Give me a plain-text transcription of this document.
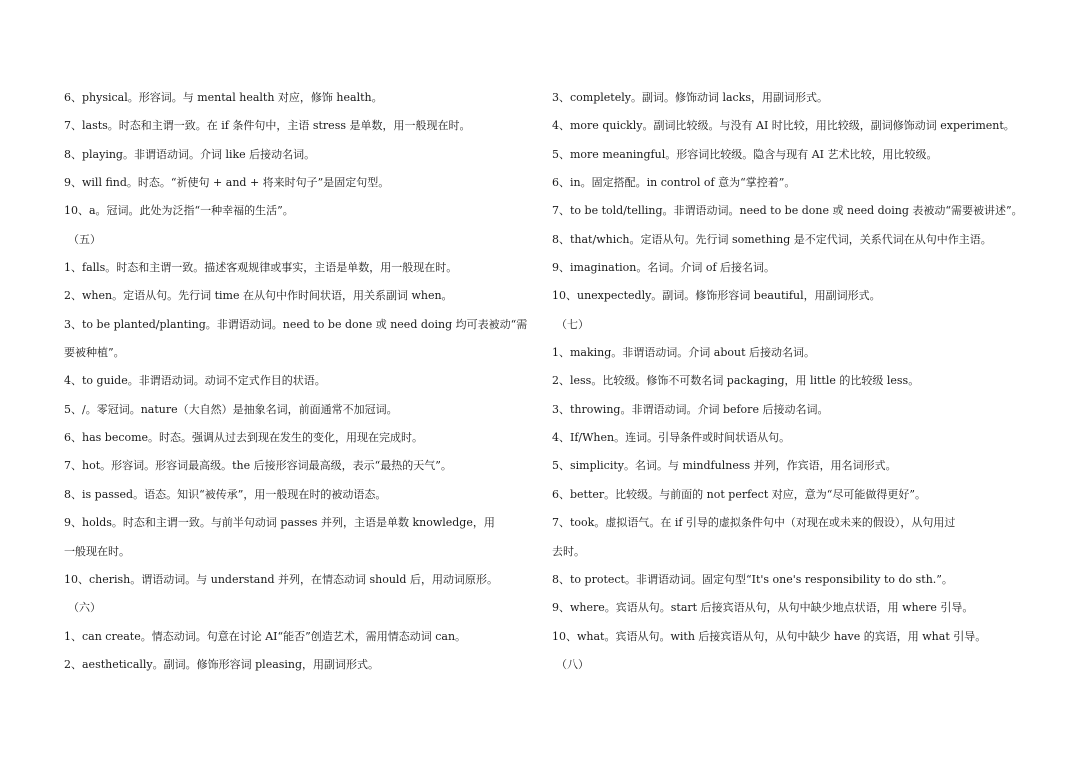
6、physical。形容词。与 mental health 对应，修饰 health。
7、lasts。时态和主谓一致。在 if 条件句中，主语 stress 是单数，用一般现在时。
8、playing。非谓语动词。介词 like 后接动名词。
9、will find。时态。“祈使句 + and + 将来时句子”是固定句型。
10、a。冠词。此处为泛指“一种幸福的生活”。
（五）
1、falls。时态和主谓一致。描述客观规律或事实，主语是单数，用一般现在时。
2、when。定语从句。先行词 time 在从句中作时间状语，用关系副词 when。
3、to be planted/planting。非谓语动词。need to be done 或 need doing 均可表被动“需
要被种植”。
4、to guide。非谓语动词。动词不定式作目的状语。
5、/。零冠词。nature（大自然）是抽象名词，前面通常不加冠词。
6、has become。时态。强调从过去到现在发生的变化，用现在完成时。
7、hot。形容词。形容词最高级。the 后接形容词最高级，表示“最热的天气”。
8、is passed。语态。知识“被传承”，用一般现在时的被动语态。
9、holds。时态和主谓一致。与前半句动词 passes 并列，主语是单数 knowledge，用
一般现在时。
10、cherish。谓语动词。与 understand 并列，在情态动词 should 后，用动词原形。
（六）
1、can create。情态动词。句意在讨论 AI“能否”创造艺术，需用情态动词 can。
2、aesthetically。副词。修饰形容词 pleasing，用副词形式。
3、completely。副词。修饰动词 lacks，用副词形式。
4、more quickly。副词比较级。与没有 AI 时比较，用比较级，副词修饰动词 experiment。
5、more meaningful。形容词比较级。隐含与现有 AI 艺术比较，用比较级。
6、in。固定搭配。in control of 意为“掌控着”。
7、to be told/telling。非谓语动词。need to be done 或 need doing 表被动“需要被讲述”。
8、that/which。定语从句。先行词 something 是不定代词，关系代词在从句中作主语。
9、imagination。名词。介词 of 后接名词。
10、unexpectedly。副词。修饰形容词 beautiful，用副词形式。
（七）
1、making。非谓语动词。介词 about 后接动名词。
2、less。比较级。修饰不可数名词 packaging，用 little 的比较级 less。
3、throwing。非谓语动词。介词 before 后接动名词。
4、If/When。连词。引导条件或时间状语从句。
5、simplicity。名词。与 mindfulness 并列，作宾语，用名词形式。
6、better。比较级。与前面的 not perfect 对应，意为“尽可能做得更好”。
7、took。虚拟语气。在 if 引导的虚拟条件句中（对现在或未来的假设），从句用过
去时。
8、to protect。非谓语动词。固定句型“It's one's responsibility to do sth.”。
9、where。宾语从句。start 后接宾语从句，从句中缺少地点状语，用 where 引导。
10、what。宾语从句。with 后接宾语从句，从句中缺少 have 的宾语，用 what 引导。
（八）
